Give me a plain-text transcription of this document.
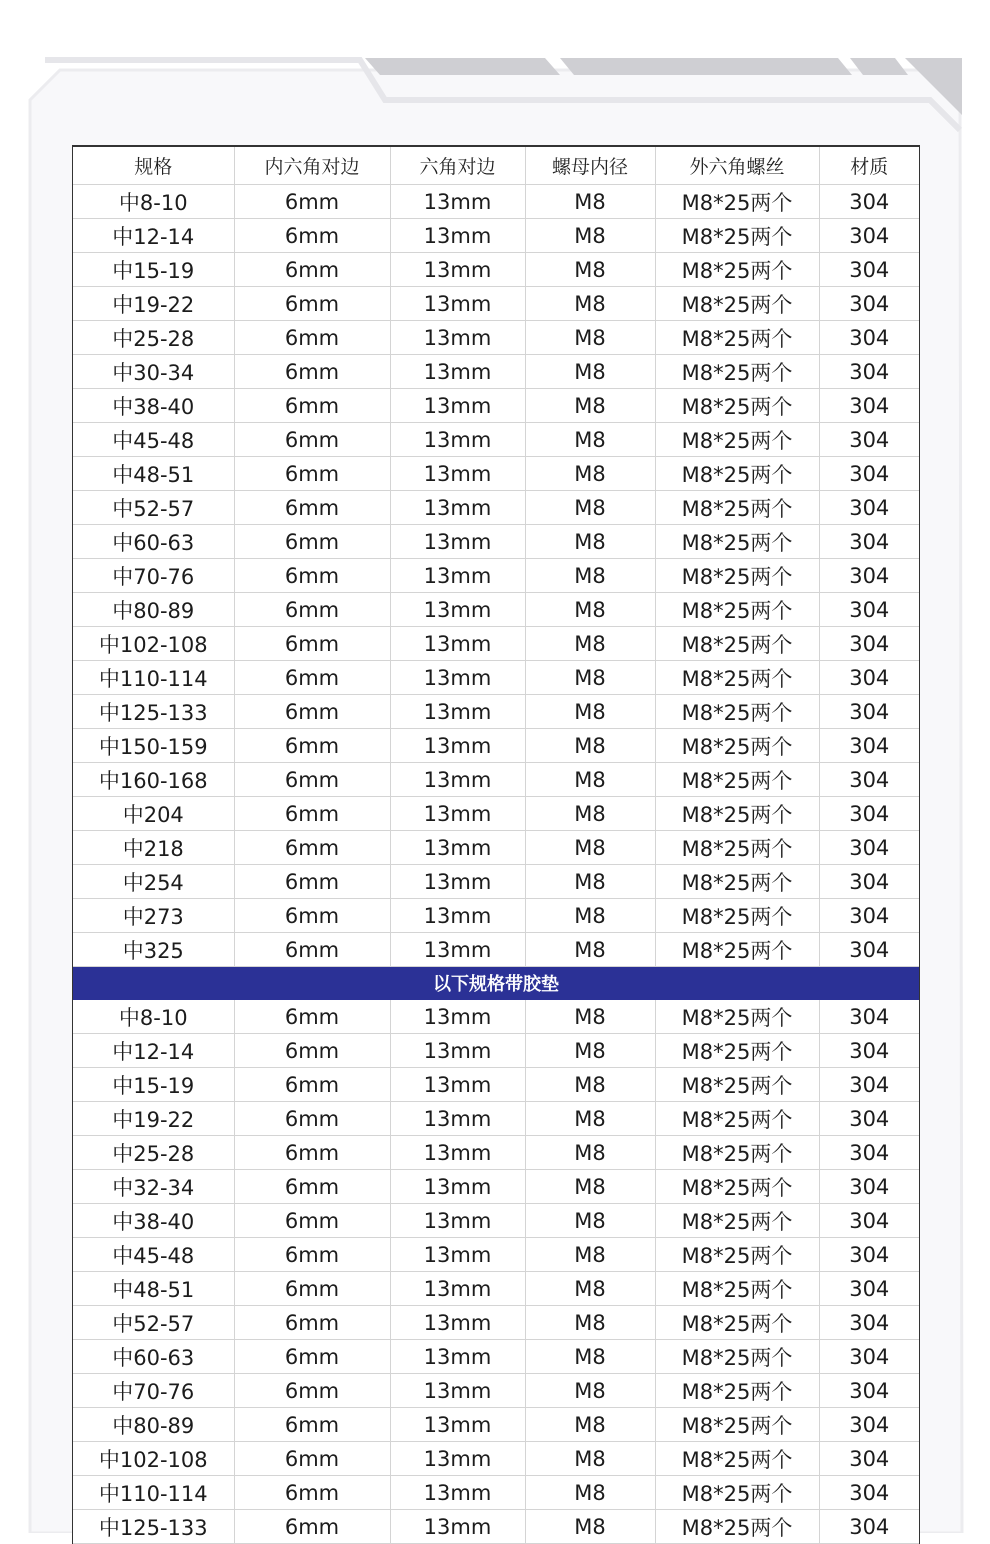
规格	内六角对边	六角对边	螺母内径	外六角螺丝	材质
中8-10	6mm	13mm	M8	M8*25两个	304
中12-14	6mm	13mm	M8	M8*25两个	304
中15-19	6mm	13mm	M8	M8*25两个	304
中19-22	6mm	13mm	M8	M8*25两个	304
中25-28	6mm	13mm	M8	M8*25两个	304
中30-34	6mm	13mm	M8	M8*25两个	304
中38-40	6mm	13mm	M8	M8*25两个	304
中45-48	6mm	13mm	M8	M8*25两个	304
中48-51	6mm	13mm	M8	M8*25两个	304
中52-57	6mm	13mm	M8	M8*25两个	304
中60-63	6mm	13mm	M8	M8*25两个	304
中70-76	6mm	13mm	M8	M8*25两个	304
中80-89	6mm	13mm	M8	M8*25两个	304
中102-108	6mm	13mm	M8	M8*25两个	304
中110-114	6mm	13mm	M8	M8*25两个	304
中125-133	6mm	13mm	M8	M8*25两个	304
中150-159	6mm	13mm	M8	M8*25两个	304
中160-168	6mm	13mm	M8	M8*25两个	304
中204	6mm	13mm	M8	M8*25两个	304
中218	6mm	13mm	M8	M8*25两个	304
中254	6mm	13mm	M8	M8*25两个	304
中273	6mm	13mm	M8	M8*25两个	304
中325	6mm	13mm	M8	M8*25两个	304
以下规格带胶垫					
中8-10	6mm	13mm	M8	M8*25两个	304
中12-14	6mm	13mm	M8	M8*25两个	304
中15-19	6mm	13mm	M8	M8*25两个	304
中19-22	6mm	13mm	M8	M8*25两个	304
中25-28	6mm	13mm	M8	M8*25两个	304
中32-34	6mm	13mm	M8	M8*25两个	304
中38-40	6mm	13mm	M8	M8*25两个	304
中45-48	6mm	13mm	M8	M8*25两个	304
中48-51	6mm	13mm	M8	M8*25两个	304
中52-57	6mm	13mm	M8	M8*25两个	304
中60-63	6mm	13mm	M8	M8*25两个	304
中70-76	6mm	13mm	M8	M8*25两个	304
中80-89	6mm	13mm	M8	M8*25两个	304
中102-108	6mm	13mm	M8	M8*25两个	304
中110-114	6mm	13mm	M8	M8*25两个	304
中125-133	6mm	13mm	M8	M8*25两个	304
